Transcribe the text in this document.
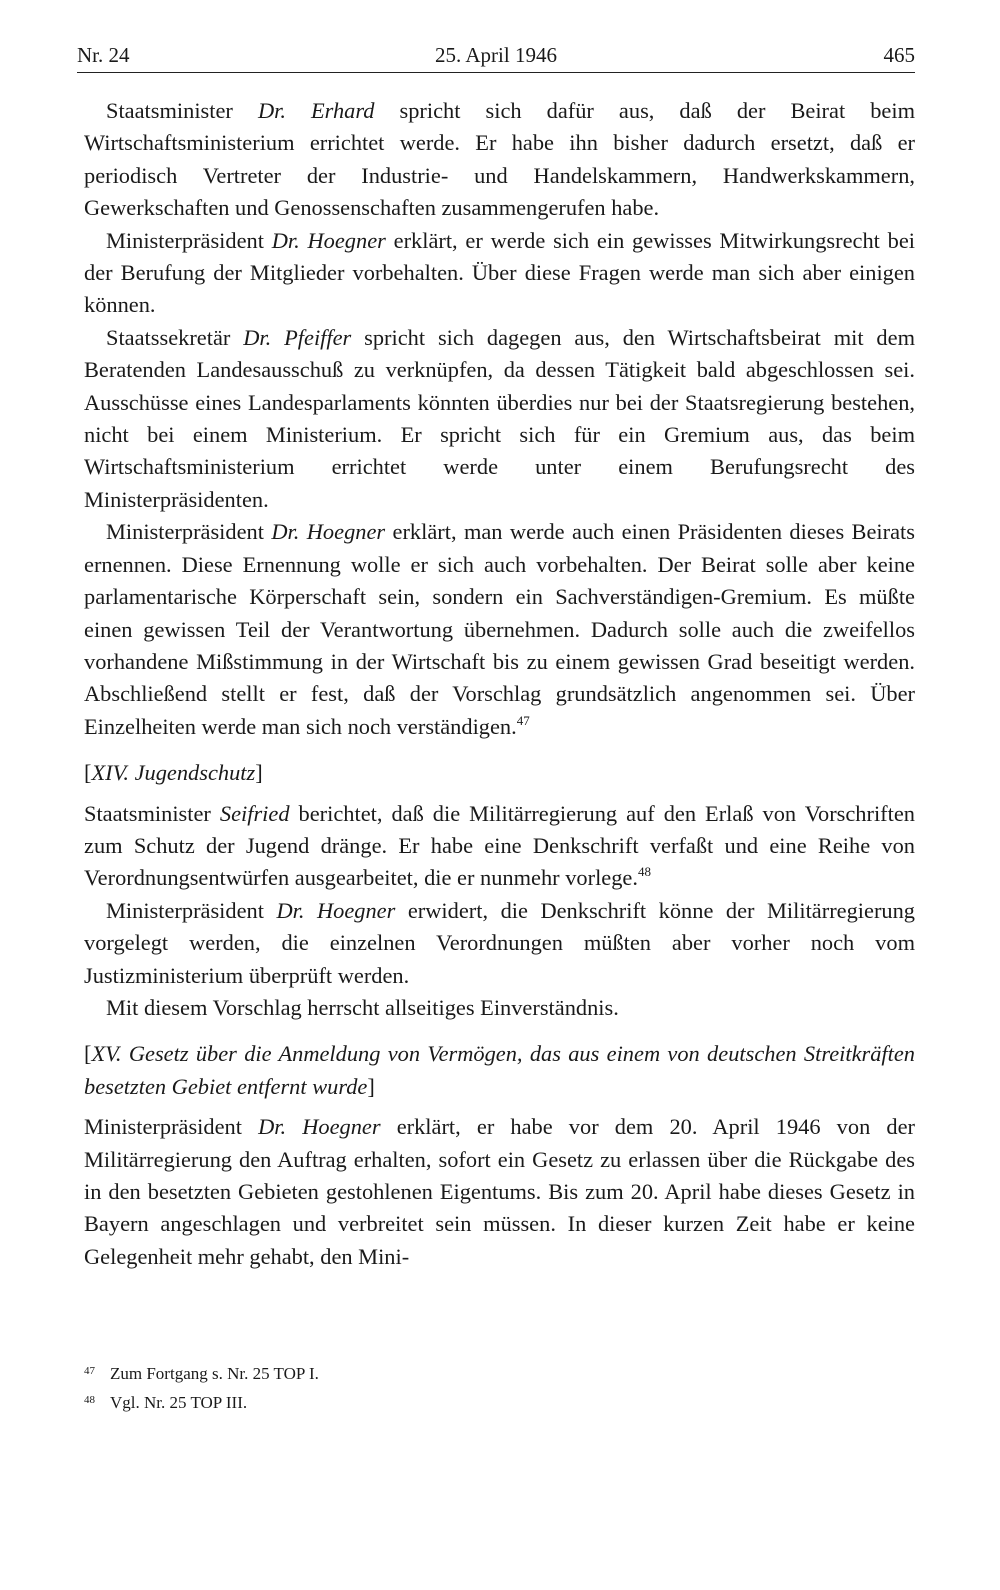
Nr. 24	25. April 1946	465

Staatsminister Dr. Erhard spricht sich dafür aus, daß der Beirat beim Wirtschaftsministerium errichtet werde. Er habe ihn bisher dadurch ersetzt, daß er periodisch Vertreter der Industrie- und Handelskammern, Handwerkskammern, Gewerkschaften und Genossenschaften zusammengerufen habe.

Ministerpräsident Dr. Hoegner erklärt, er werde sich ein gewisses Mitwirkungsrecht bei der Berufung der Mitglieder vorbehalten. Über diese Fragen werde man sich aber einigen können.

Staatssekretär Dr. Pfeiffer spricht sich dagegen aus, den Wirtschaftsbeirat mit dem Beratenden Landesausschuß zu verknüpfen, da dessen Tätigkeit bald abgeschlossen sei. Ausschüsse eines Landesparlaments könnten überdies nur bei der Staatsregierung bestehen, nicht bei einem Ministerium. Er spricht sich für ein Gremium aus, das beim Wirtschaftsministerium errichtet werde unter einem Berufungsrecht des Ministerpräsidenten.

Ministerpräsident Dr. Hoegner erklärt, man werde auch einen Präsidenten dieses Beirats ernennen. Diese Ernennung wolle er sich auch vorbehalten. Der Beirat solle aber keine parlamentarische Körperschaft sein, sondern ein Sachverständigen-Gremium. Es müßte einen gewissen Teil der Verantwortung übernehmen. Dadurch solle auch die zweifellos vorhandene Mißstimmung in der Wirtschaft bis zu einem gewissen Grad beseitigt werden. Abschließend stellt er fest, daß der Vorschlag grundsätzlich angenommen sei. Über Einzelheiten werde man sich noch verständigen.$^{47}$

[XIV. Jugendschutz]

Staatsminister Seifried berichtet, daß die Militärregierung auf den Erlaß von Vorschriften zum Schutz der Jugend dränge. Er habe eine Denkschrift verfaßt und eine Reihe von Verordnungsentwürfen ausgearbeitet, die er nunmehr vorlege.$^{48}$

Ministerpräsident Dr. Hoegner erwidert, die Denkschrift könne der Militärregierung vorgelegt werden, die einzelnen Verordnungen müßten aber vorher noch vom Justizministerium überprüft werden.

Mit diesem Vorschlag herrscht allseitiges Einverständnis.

[XV. Gesetz über die Anmeldung von Vermögen, das aus einem von deutschen Streitkräften besetzten Gebiet entfernt wurde]

Ministerpräsident Dr. Hoegner erklärt, er habe vor dem 20. April 1946 von der Militärregierung den Auftrag erhalten, sofort ein Gesetz zu erlassen über die Rückgabe des in den besetzten Gebieten gestohlenen Eigentums. Bis zum 20. April habe dieses Gesetz in Bayern angeschlagen und verbreitet sein müssen. In dieser kurzen Zeit habe er keine Gelegenheit mehr gehabt, den Mini-

47 Zum Fortgang s. Nr. 25 TOP I.
48 Vgl. Nr. 25 TOP III.
